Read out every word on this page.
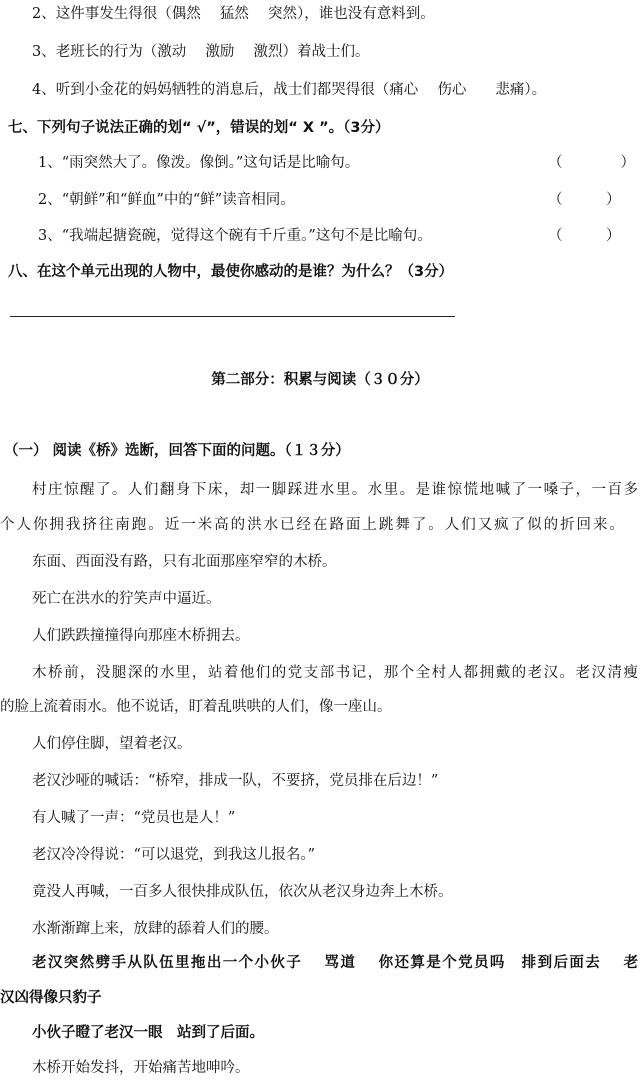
2、这件事发生得很（偶然　 猛然　 突然），谁也没有意料到。
3、老班长的行为（激动　 激励　 激烈）着战士们。
4、听到小金花的妈妈牺牲的消息后，战士们都哭得很（痛心　 伤心　　悲痛）。
七、下列句子说法正确的划“ √”，错误的划“ X ”。（3分）
1、“雨突然大了。像泼。像倒。”这句话是比喻句。	（　　　　）
2、“朝鲜”和“鲜血”中的“鲜”读音相同。	（　　　）
3、“我端起搪瓷碗，觉得这个碗有千斤重。”这句不是比喻句。	（　　　）
八、在这个单元出现的人物中，最使你感动的是谁？为什么？（3分）
第二部分：积累与阅读（３０分）
（一） 阅读《桥》选断，回答下面的问题。（１３分）
村庄惊醒了。人们翻身下床，却一脚踩进水里。水里。是谁惊慌地喊了一嗓子，一百多
个人你拥我挤往南跑。近一米高的洪水已经在路面上跳舞了。人们又疯了似的折回来。
东面、西面没有路，只有北面那座窄窄的木桥。
死亡在洪水的狞笑声中逼近。
人们跌跌撞撞得向那座木桥拥去。
木桥前，没腿深的水里，站着他们的党支部书记，那个全村人都拥戴的老汉。老汉清瘦
的脸上流着雨水。他不说话，盯着乱哄哄的人们，像一座山。
人们停住脚，望着老汉。
老汉沙哑的喊话：“桥窄，排成一队，不要挤，党员排在后边！”
有人喊了一声：“党员也是人！”
老汉冷冷得说：“可以退党，到我这儿报名。”
竟没人再喊，一百多人很快排成队伍，依次从老汉身边奔上木桥。
水渐渐蹿上来，放肆的舔着人们的腰。
老汉突然劈手从队伍里拖出一个小伙子　 骂道　 你还算是个党员吗　排到后面去　 老
汉凶得像只豹子
小伙子瞪了老汉一眼　站到了后面。
木桥开始发抖，开始痛苦地呻吟。
